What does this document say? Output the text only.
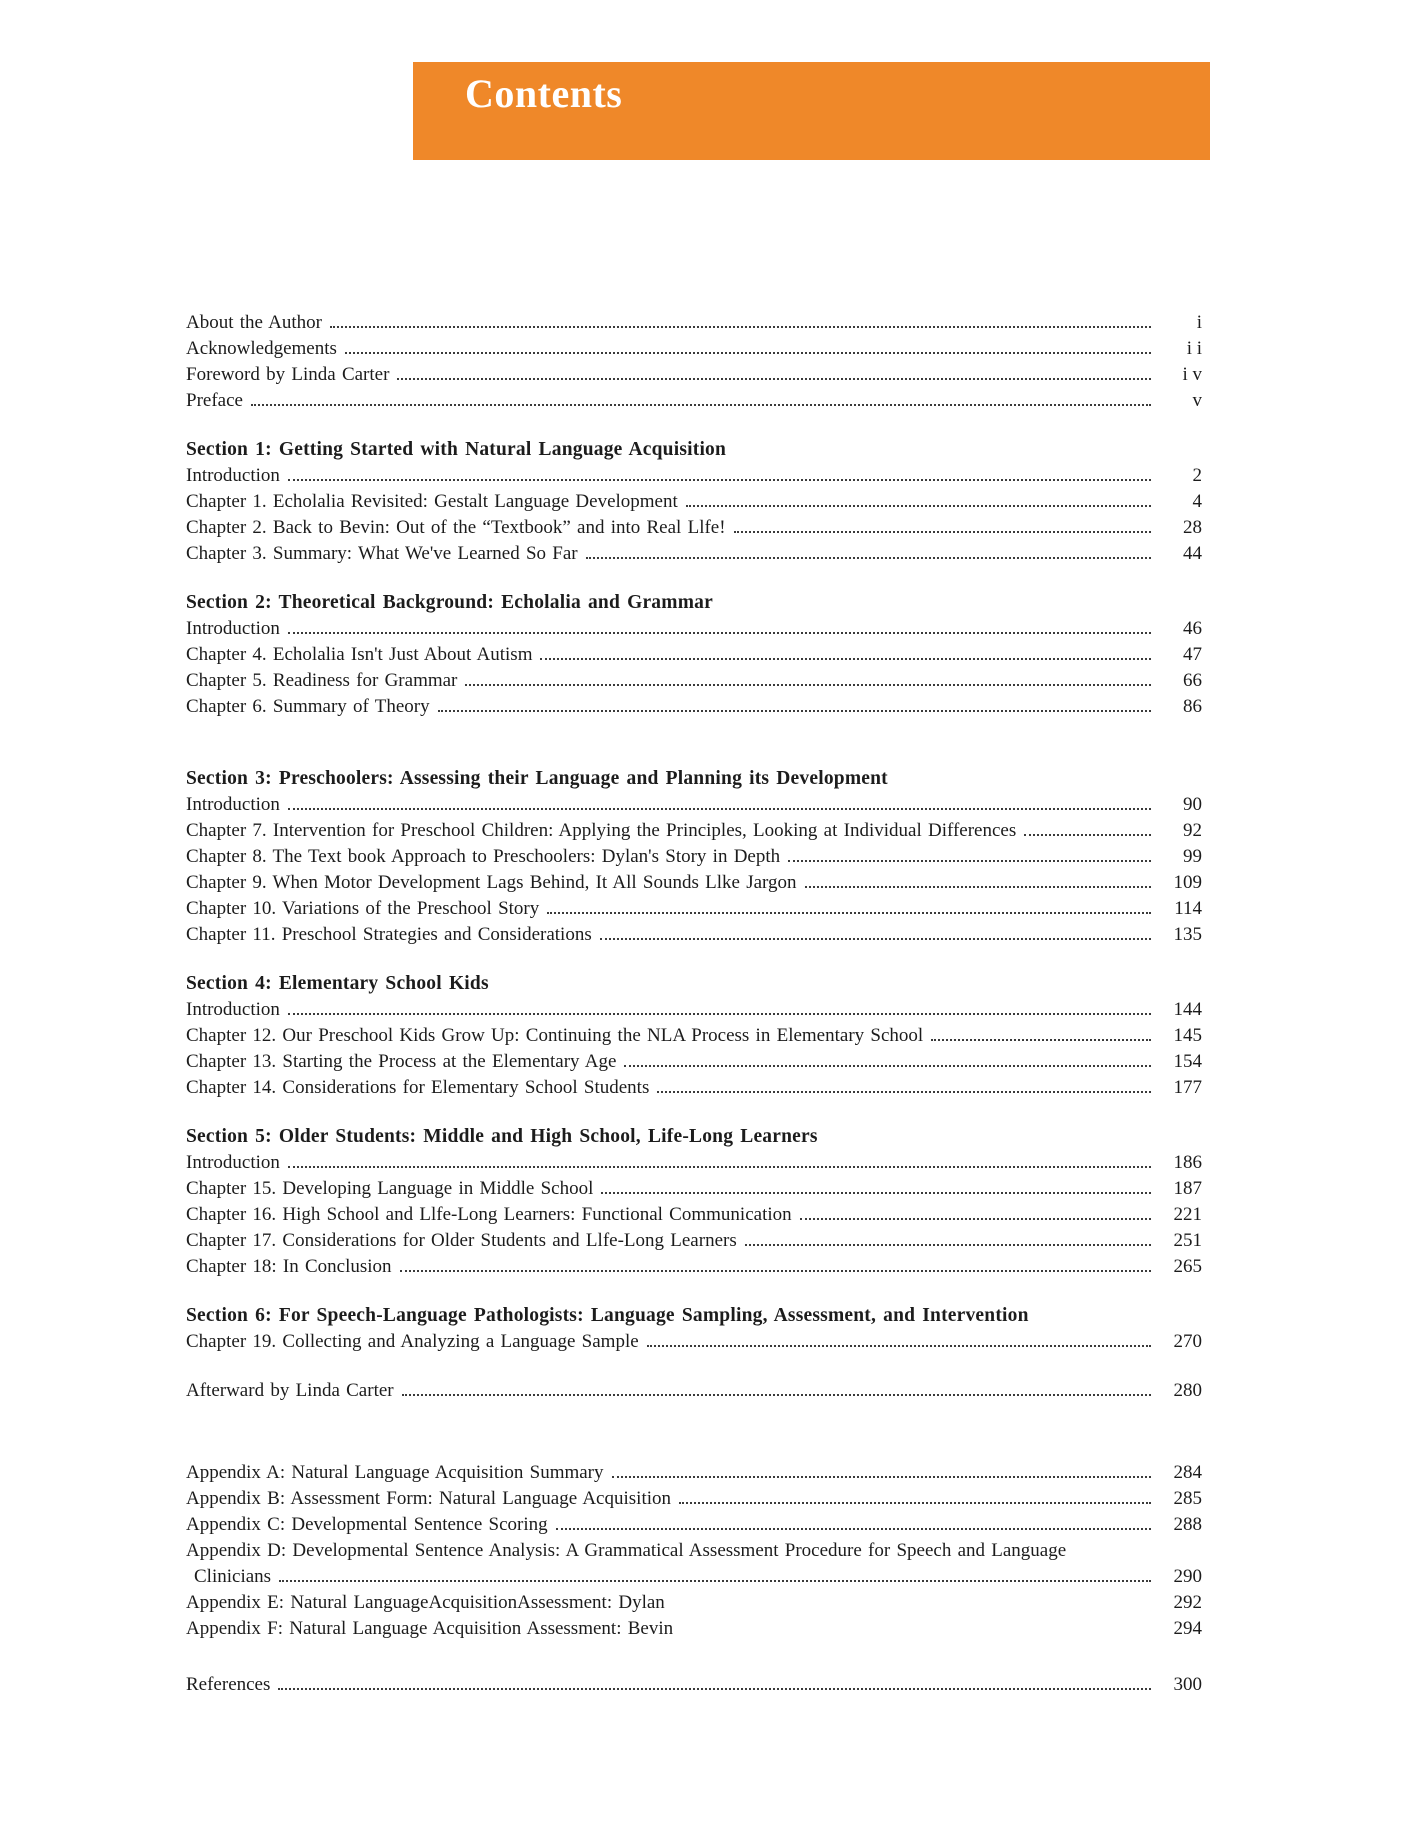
Contents
About the Author	i
Acknowledgements	i i
Foreword by Linda Carter	i v
Preface	v
Section 1: Getting Started with Natural Language Acquisition
Introduction	2
Chapter 1. Echolalia Revisited: Gestalt Language Development	4
Chapter 2. Back to Bevin: Out of the “Textbook” and into Real Llfe!	28
Chapter 3. Summary: What We've Learned So Far	44
Section 2: Theoretical Background: Echolalia and Grammar
Introduction	46
Chapter 4. Echolalia Isn't Just About Autism	47
Chapter 5. Readiness for Grammar	66
Chapter 6. Summary of Theory	86
Section 3: Preschoolers: Assessing their Language and Planning its Development
Introduction	90
Chapter 7. Intervention for Preschool Children: Applying the Principles, Looking at Individual Differences	92
Chapter 8. The Text book Approach to Preschoolers: Dylan's Story in Depth	99
Chapter 9. When Motor Development Lags Behind, It All Sounds Llke Jargon	109
Chapter 10. Variations of the Preschool Story	114
Chapter 11. Preschool Strategies and Considerations	135
Section 4: Elementary School Kids
Introduction	144
Chapter 12. Our Preschool Kids Grow Up: Continuing the NLA Process in Elementary School	145
Chapter 13. Starting the Process at the Elementary Age	154
Chapter 14. Considerations for Elementary School Students	177
Section 5: Older Students: Middle and High School, Life-Long Learners
Introduction	186
Chapter 15. Developing Language in Middle School	187
Chapter 16. High School and Llfe-Long Learners: Functional Communication	221
Chapter 17. Considerations for Older Students and Llfe-Long Learners	251
Chapter 18: In Conclusion	265
Section 6: For Speech-Language Pathologists: Language Sampling, Assessment, and Intervention
Chapter 19. Collecting and Analyzing a Language Sample	270
Afterward by Linda Carter	280
Appendix A: Natural Language Acquisition Summary	284
Appendix B: Assessment Form: Natural Language Acquisition	285
Appendix C: Developmental Sentence Scoring	288
Appendix D: Developmental Sentence Analysis: A Grammatical Assessment Procedure for Speech and Language
Clinicians	290
Appendix E: Natural LanguageAcquisitionAssessment: Dylan	292
Appendix F: Natural Language Acquisition Assessment: Bevin	294
References	300
